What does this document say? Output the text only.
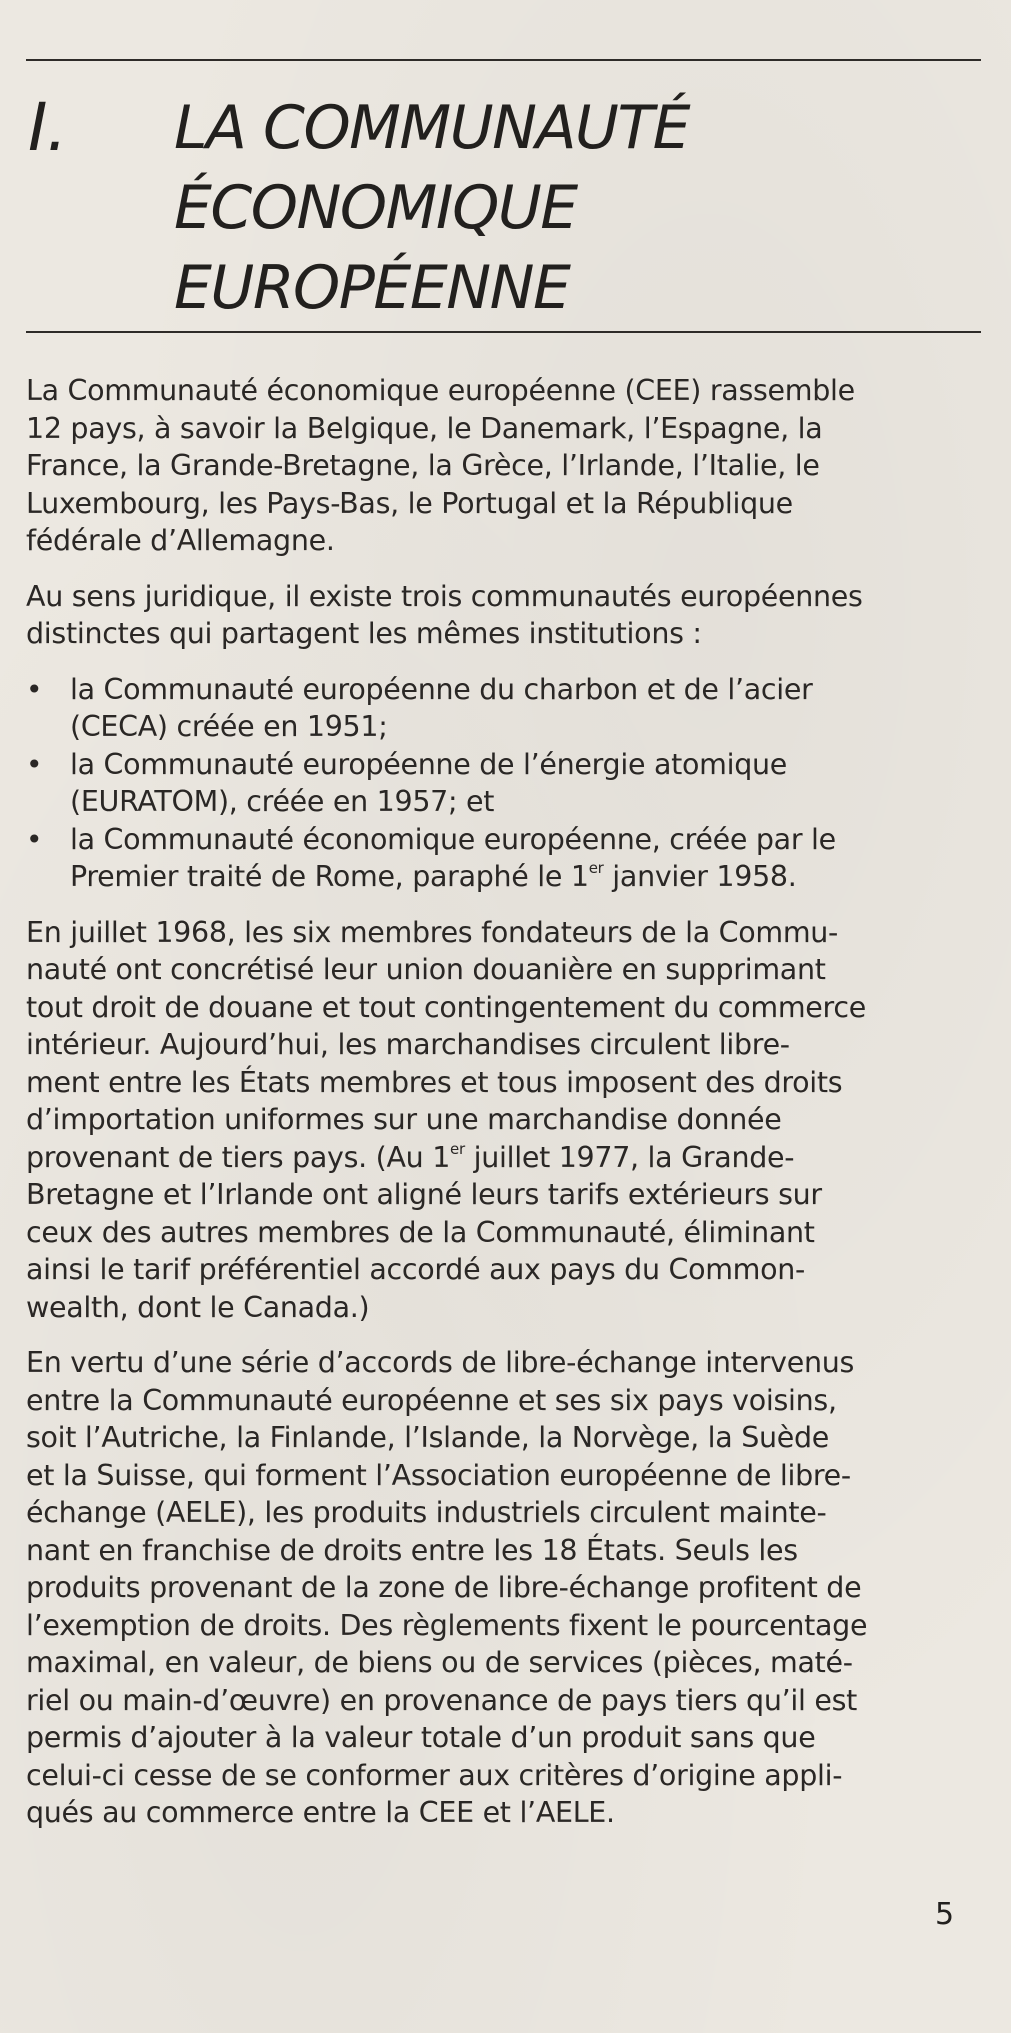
I. LA COMMUNAUTÉ
ÉCONOMIQUE
EUROPÉENNE

La Communauté économique européenne (CEE) rassemble
12 pays, à savoir la Belgique, le Danemark, l’Espagne, la
France, la Grande-Bretagne, la Grèce, l’Irlande, l’Italie, le
Luxembourg, les Pays-Bas, le Portugal et la République
fédérale d’Allemagne.

Au sens juridique, il existe trois communautés européennes
distinctes qui partagent les mêmes institutions :

• la Communauté européenne du charbon et de l’acier
(CECA) créée en 1951;
• la Communauté européenne de l’énergie atomique
(EURATOM), créée en 1957; et
• la Communauté économique européenne, créée par le
Premier traité de Rome, paraphé le 1er janvier 1958.

En juillet 1968, les six membres fondateurs de la Commu-
nauté ont concrétisé leur union douanière en supprimant
tout droit de douane et tout contingentement du commerce
intérieur. Aujourd’hui, les marchandises circulent libre-
ment entre les États membres et tous imposent des droits
d’importation uniformes sur une marchandise donnée
provenant de tiers pays. (Au 1er juillet 1977, la Grande-
Bretagne et l’Irlande ont aligné leurs tarifs extérieurs sur
ceux des autres membres de la Communauté, éliminant
ainsi le tarif préférentiel accordé aux pays du Common-
wealth, dont le Canada.)

En vertu d’une série d’accords de libre-échange intervenus
entre la Communauté européenne et ses six pays voisins,
soit l’Autriche, la Finlande, l’Islande, la Norvège, la Suède
et la Suisse, qui forment l’Association européenne de libre-
échange (AELE), les produits industriels circulent mainte-
nant en franchise de droits entre les 18 États. Seuls les
produits provenant de la zone de libre-échange profitent de
l’exemption de droits. Des règlements fixent le pourcentage
maximal, en valeur, de biens ou de services (pièces, maté-
riel ou main-d’œuvre) en provenance de pays tiers qu’il est
permis d’ajouter à la valeur totale d’un produit sans que
celui-ci cesse de se conformer aux critères d’origine appli-
qués au commerce entre la CEE et l’AELE.

5
